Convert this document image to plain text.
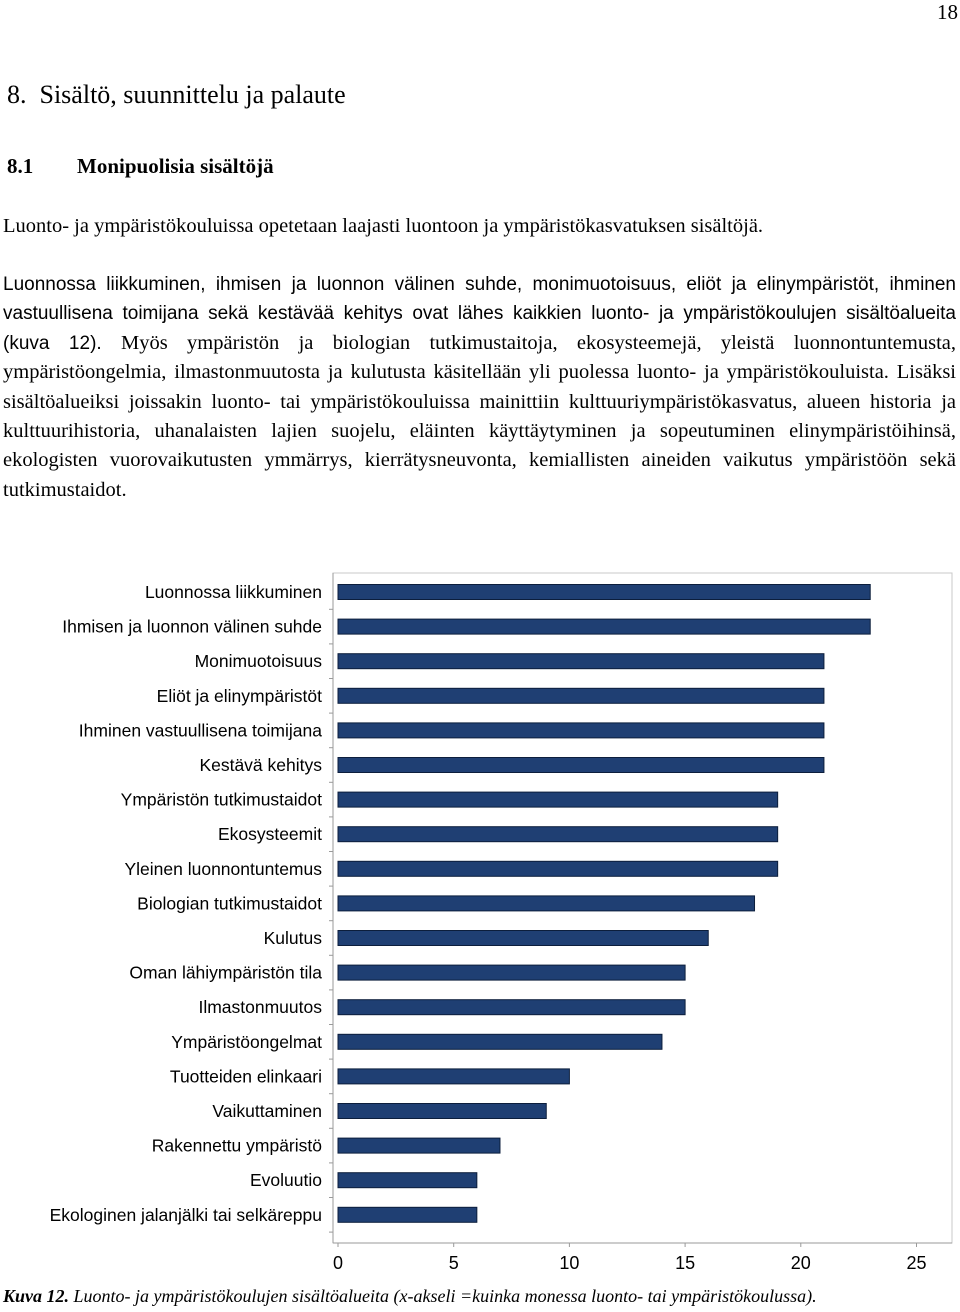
18
8. Sisältö, suunnittelu ja palaute
8.1 Monipuolisia sisältöjä

Luonto- ja ympäristökouluissa opetetaan laajasti luontoon ja ympäristökasvatuksen sisältöjä.

Luonnossa liikkuminen, ihmisen ja luonnon välinen suhde, monimuotoisuus, eliöt ja elinympäristöt, ihminen vastuullisena toimijana sekä kestävää kehitys ovat lähes kaikkien luonto- ja ympäristökoulujen sisältöalueita (kuva 12). Myös ympäristön ja biologian tutkimustaitoja, ekosysteemejä, yleistä luonnontuntemusta, ympäristöongelmia, ilmastonmuutosta ja kulutusta käsitellään yli puolessa luonto- ja ympäristökouluista. Lisäksi sisältöalueiksi joissakin luonto- tai ympäristökouluissa mainittiin kulttuuriympäristökasvatus, alueen historia ja kulttuurihistoria, uhanalaisten lajien suojelu, eläinten käyttäytyminen ja sopeutuminen elinympäristöihinsä, ekologisten vuorovaikutusten ymmärrys, kierrätysneuvonta, kemiallisten aineiden vaikutus ympäristöön sekä tutkimustaidot.

Luonnossa liikkuminen
Ihmisen ja luonnon välinen suhde
Monimuotoisuus
Eliöt ja elinympäristöt
Ihminen vastuullisena toimijana
Kestävä kehitys
Ympäristön tutkimustaidot
Ekosysteemit
Yleinen luonnontuntemus
Biologian tutkimustaidot
Kulutus
Oman lähiympäristön tila
Ilmastonmuutos
Ympäristöongelmat
Tuotteiden elinkaari
Vaikuttaminen
Rakennettu ympäristö
Evoluutio
Ekologinen jalanjälki tai selkäreppu
0	5	10	15	20	25
Kuva 12. Luonto- ja ympäristökoulujen sisältöalueita (x-akseli =kuinka monessa luonto- tai ympäristökoulussa).
